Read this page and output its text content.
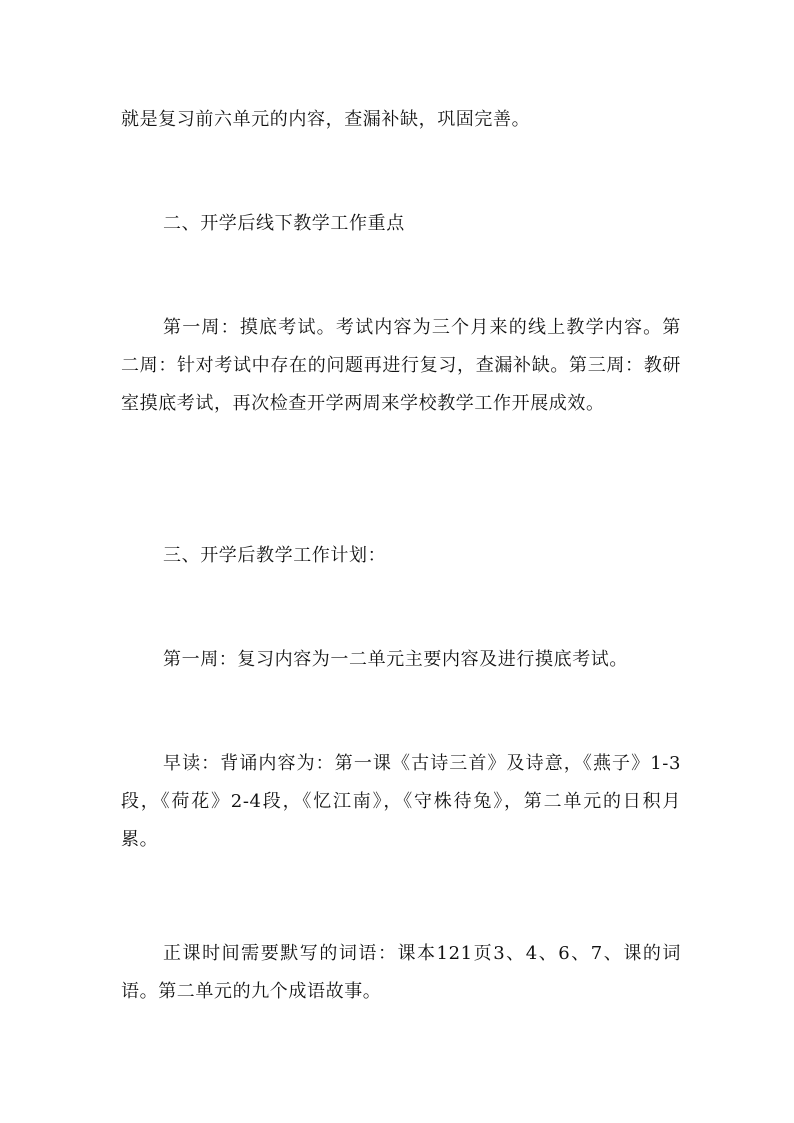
就是复习前六单元的内容，查漏补缺，巩固完善。

二、开学后线下教学工作重点

第一周：摸底考试。考试内容为三个月来的线上教学内容。第二周：针对考试中存在的问题再进行复习，查漏补缺。第三周：教研室摸底考试，再次检查开学两周来学校教学工作开展成效。

三、开学后教学工作计划：

第一周：复习内容为一二单元主要内容及进行摸底考试。

早读：背诵内容为：第一课《古诗三首》及诗意，《燕子》1-3段，《荷花》2-4段，《忆江南》，《守株待兔》，第二单元的日积月累。

正课时间需要默写的词语：课本121页3、4、6、7、课的词语。第二单元的九个成语故事。
